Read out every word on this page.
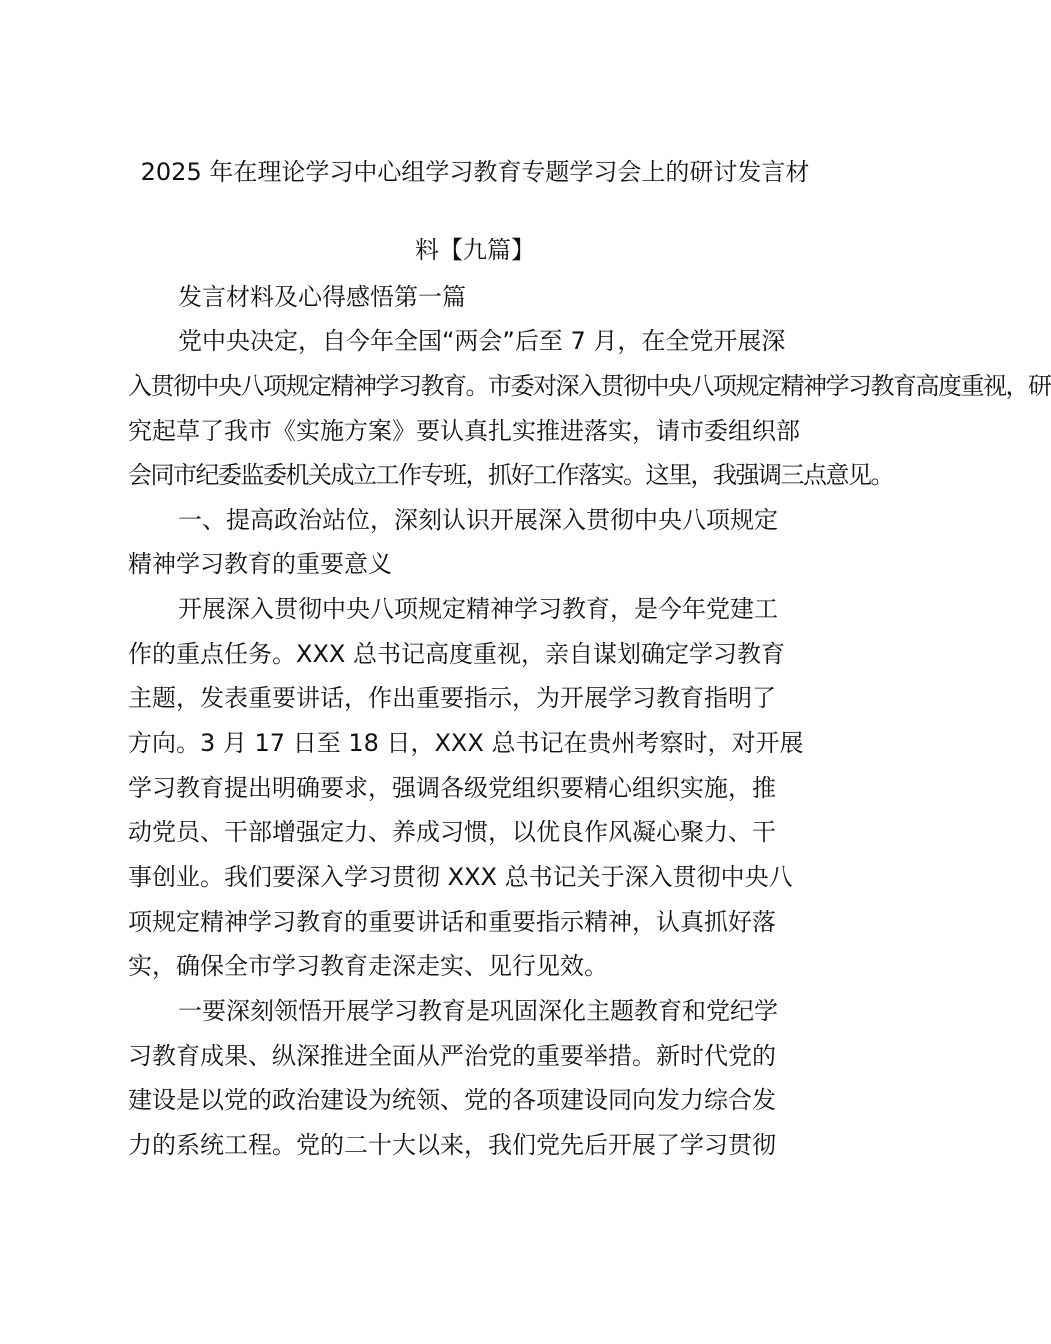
2025 年在理论学习中心组学习教育专题学习会上的研讨发言材
料【九篇】
发言材料及心得感悟第一篇
党中央决定，自今年全国“两会”后至 7 月，在全党开展深
入贯彻中央八项规定精神学习教育。市委对深入贯彻中央八项规定精神学习教育高度重视，研
究起草了我市《实施方案》要认真扎实推进落实，请市委组织部
会同市纪委监委机关成立工作专班，抓好工作落实。这里，我强调三点意见。
一、提高政治站位，深刻认识开展深入贯彻中央八项规定
精神学习教育的重要意义
开展深入贯彻中央八项规定精神学习教育，是今年党建工
作的重点任务。XXX 总书记高度重视，亲自谋划确定学习教育
主题，发表重要讲话，作出重要指示，为开展学习教育指明了
方向。3 月 17 日至 18 日，XXX 总书记在贵州考察时，对开展
学习教育提出明确要求，强调各级党组织要精心组织实施，推
动党员、干部增强定力、养成习惯，以优良作风凝心聚力、干
事创业。我们要深入学习贯彻 XXX 总书记关于深入贯彻中央八
项规定精神学习教育的重要讲话和重要指示精神，认真抓好落
实，确保全市学习教育走深走实、见行见效。
一要深刻领悟开展学习教育是巩固深化主题教育和党纪学
习教育成果、纵深推进全面从严治党的重要举措。新时代党的
建设是以党的政治建设为统领、党的各项建设同向发力综合发
力的系统工程。党的二十大以来，我们党先后开展了学习贯彻
